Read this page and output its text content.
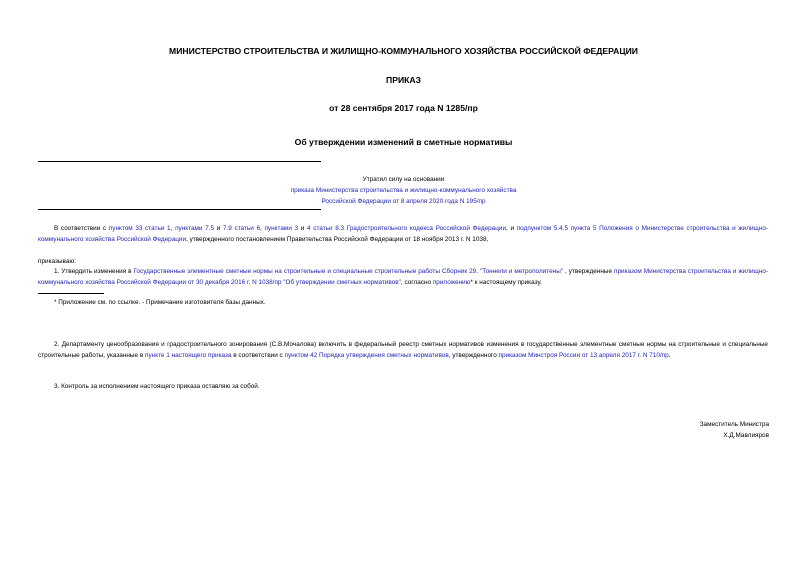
МИНИСТЕРСТВО СТРОИТЕЛЬСТВА И ЖИЛИЩНО-КОММУНАЛЬНОГО ХОЗЯЙСТВА РОССИЙСКОЙ ФЕДЕРАЦИИ
ПРИКАЗ
от 28 сентября 2017 года N 1285/пр
Об утверждении изменений в сметные нормативы
Утратил силу на основании
приказа Министерства строительства и жилищно-коммунального хозяйства
Российской Федерации от 8 апреля 2020 года N 195/пр
В соответствии с пунктом 33 статьи 1, пунктами 7.5 и 7.9 статьи 6, пунктами 3 и 4 статьи 8.3 Градостроительного кодекса Российской Федерации, и подпунктом 5.4.5 пункта 5 Положения о Министерстве строительства и жилищно-коммунального хозяйства Российской Федерации, утвержденного постановлением Правительства Российской Федерации от 18 ноября 2013 г. N 1038,
приказываю:
1. Утвердить изменения в Государственные элементные сметные нормы на строительные и специальные строительные работы Сборник 29. "Тоннели и метрополитены" , утвержденные приказом Министерства строительства и жилищно-коммунального хозяйства Российской Федерации от 30 декабря 2016 г. N 1038/пр "Об утверждении сметных нормативов", согласно приложению* к настоящему приказу.
* Приложение см. по ссылке. - Примечание изготовителя базы данных.
2. Департаменту ценообразования и градостроительного зонирования (С.В.Мочалова) включить в федеральный реестр сметных нормативов изменения в государственные элементные сметные нормы на строительные и специальные строительные работы, указанные в пункте 1 настоящего приказа в соответствии с пунктом 42 Порядка утверждения сметных нормативов, утвержденного приказом Минстроя России от 13 апреля 2017 г. N 710/пр.
3. Контроль за исполнением настоящего приказа оставляю за собой.
Заместитель Министра
Х.Д.Мавлияров
